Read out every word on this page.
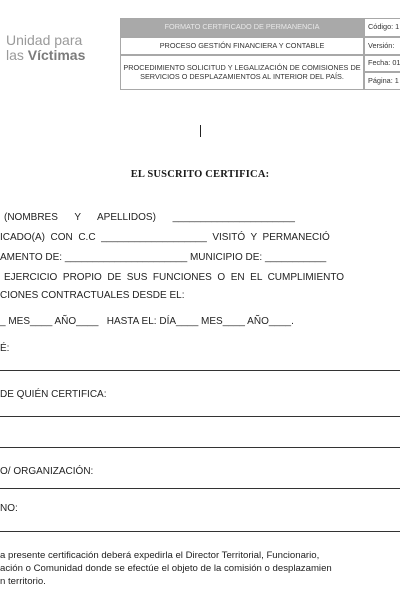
Unidad para
las Víctimas
FORMATO CERTIFICADO DE PERMANENCIA
PROCESO GESTIÓN FINANCIERA Y CONTABLE
PROCEDIMIENTO SOLICITUD Y LEGALIZACIÓN DE COMISIONES DE SERVICIOS O DESPLAZAMIENTOS AL INTERIOR DEL PAÍS.
Código: 1
Versión:
Fecha: 01
Página: 1
EL SUSCRITO CERTIFICA:
(NOMBRES      Y      APELLIDOS)      ______________________
ICADO(A)  CON  C.C  ___________________  VISITÓ  Y  PERMANECIÓ
AMENTO DE: ______________________ MUNICIPIO DE: ___________
EJERCICIO  PROPIO  DE  SUS  FUNCIONES  O  EN  EL  CUMPLIMIENTO
CIONES CONTRACTUALES DESDE EL:
_ MES____ AÑO____   HASTA EL: DÍA____ MES____ AÑO____.
É:
DE QUIÉN CERTIFICA:
O/ ORGANIZACIÓN:
NO:
a presente certificación deberá expedirla el Director Territorial, Funcionario,
ación o Comunidad donde se efectúe el objeto de la comisión o desplazamien
n territorio.
